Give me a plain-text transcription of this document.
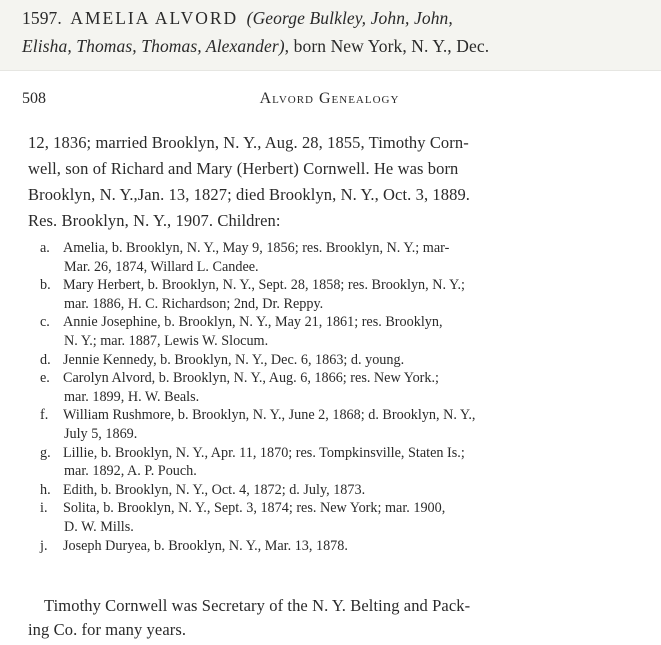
1597. AMELIA ALVORD (George Bulkley, John, John,
Elisha, Thomas, Thomas, Alexander), born New York, N. Y., Dec.
508	Alvord Genealogy
12, 1836; married Brooklyn, N. Y., Aug. 28, 1855, Timothy Corn-
well, son of Richard and Mary (Herbert) Cornwell. He was born
Brooklyn, N. Y.,Jan. 13, 1827; died Brooklyn, N. Y., Oct. 3, 1889.
Res. Brooklyn, N. Y., 1907. Children:
a. Amelia, b. Brooklyn, N. Y., May 9, 1856; res. Brooklyn, N. Y.; mar-
Mar. 26, 1874, Willard L. Candee.
b. Mary Herbert, b. Brooklyn, N. Y., Sept. 28, 1858; res. Brooklyn, N. Y.;
mar. 1886, H. C. Richardson; 2nd, Dr. Reppy.
c. Annie Josephine, b. Brooklyn, N. Y., May 21, 1861; res. Brooklyn,
N. Y.; mar. 1887, Lewis W. Slocum.
d. Jennie Kennedy, b. Brooklyn, N. Y., Dec. 6, 1863; d. young.
e. Carolyn Alvord, b. Brooklyn, N. Y., Aug. 6, 1866; res. New York.;
mar. 1899, H. W. Beals.
f. William Rushmore, b. Brooklyn, N. Y., June 2, 1868; d. Brooklyn, N. Y.,
July 5, 1869.
g. Lillie, b. Brooklyn, N. Y., Apr. 11, 1870; res. Tompkinsville, Staten Is.;
mar. 1892, A. P. Pouch.
h. Edith, b. Brooklyn, N. Y., Oct. 4, 1872; d. July, 1873.
i. Solita, b. Brooklyn, N. Y., Sept. 3, 1874; res. New York; mar. 1900,
D. W. Mills.
j. Joseph Duryea, b. Brooklyn, N. Y., Mar. 13, 1878.
Timothy Cornwell was Secretary of the N. Y. Belting and Pack-
ing Co. for many years.
